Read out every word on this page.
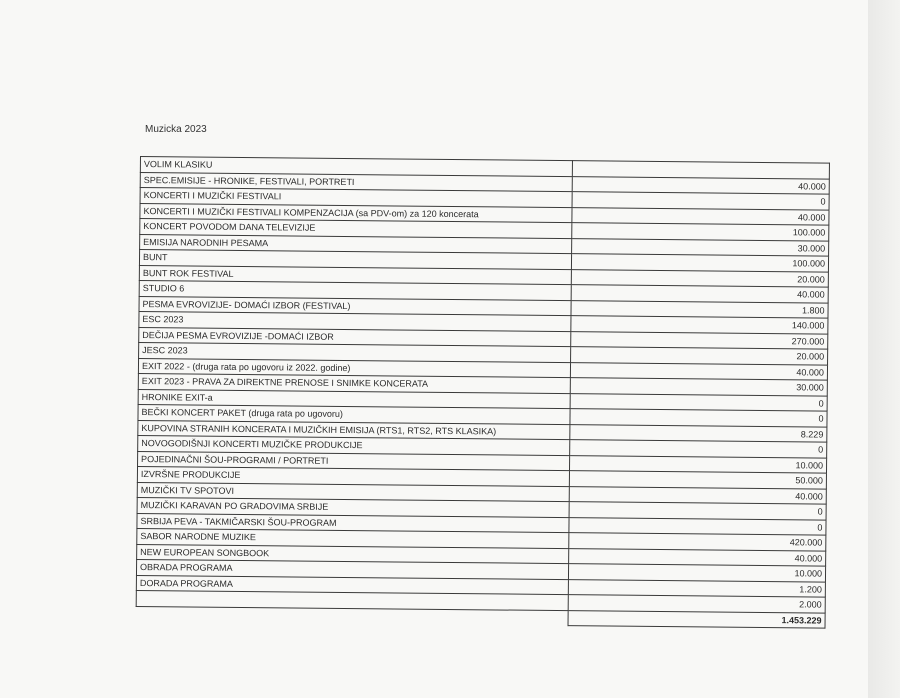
Muzicka 2023
VOLIM KLASIKU	
SPEC.EMISIJE - HRONIKE, FESTIVALI, PORTRETI	40.000
KONCERTI I MUZIČKI FESTIVALI	0
KONCERTI I MUZIČKI FESTIVALI KOMPENZACIJA (sa PDV-om) za 120 koncerata	40.000
KONCERT POVODOM DANA TELEVIZIJE	100.000
EMISIJA NARODNIH PESAMA	30.000
BUNT	100.000
BUNT ROK FESTIVAL	20.000
STUDIO 6	40.000
PESMA EVROVIZIJE- DOMAĆI IZBOR (FESTIVAL)	1.800
ESC 2023	140.000
DEČIJA PESMA EVROVIZIJE -DOMAĆI IZBOR	270.000
JESC 2023	20.000
EXIT 2022 - (druga rata po ugovoru iz 2022. godine)	40.000
EXIT 2023 - PRAVA ZA DIREKTNE PRENOSE I SNIMKE KONCERATA	30.000
HRONIKE EXIT-a	0
BEČKI KONCERT PAKET (druga rata po ugovoru)	0
KUPOVINA STRANIH KONCERATA I MUZIČKIH EMISIJA (RTS1, RTS2, RTS KLASIKA)	8.229
NOVOGODIŠNJI KONCERTI MUZIČKE PRODUKCIJE	0
POJEDINAČNI ŠOU-PROGRAMI / PORTRETI	10.000
IZVRŠNE PRODUKCIJE	50.000
MUZIČKI TV SPOTOVI	40.000
MUZIČKI KARAVAN PO GRADOVIMA SRBIJE	0
SRBIJA PEVA - TAKMIČARSKI ŠOU-PROGRAM	0
SABOR NARODNE MUZIKE	420.000
NEW EUROPEAN SONGBOOK	40.000
OBRADA PROGRAMA	10.000
DORADA PROGRAMA	1.200
	2.000
	1.453.229
